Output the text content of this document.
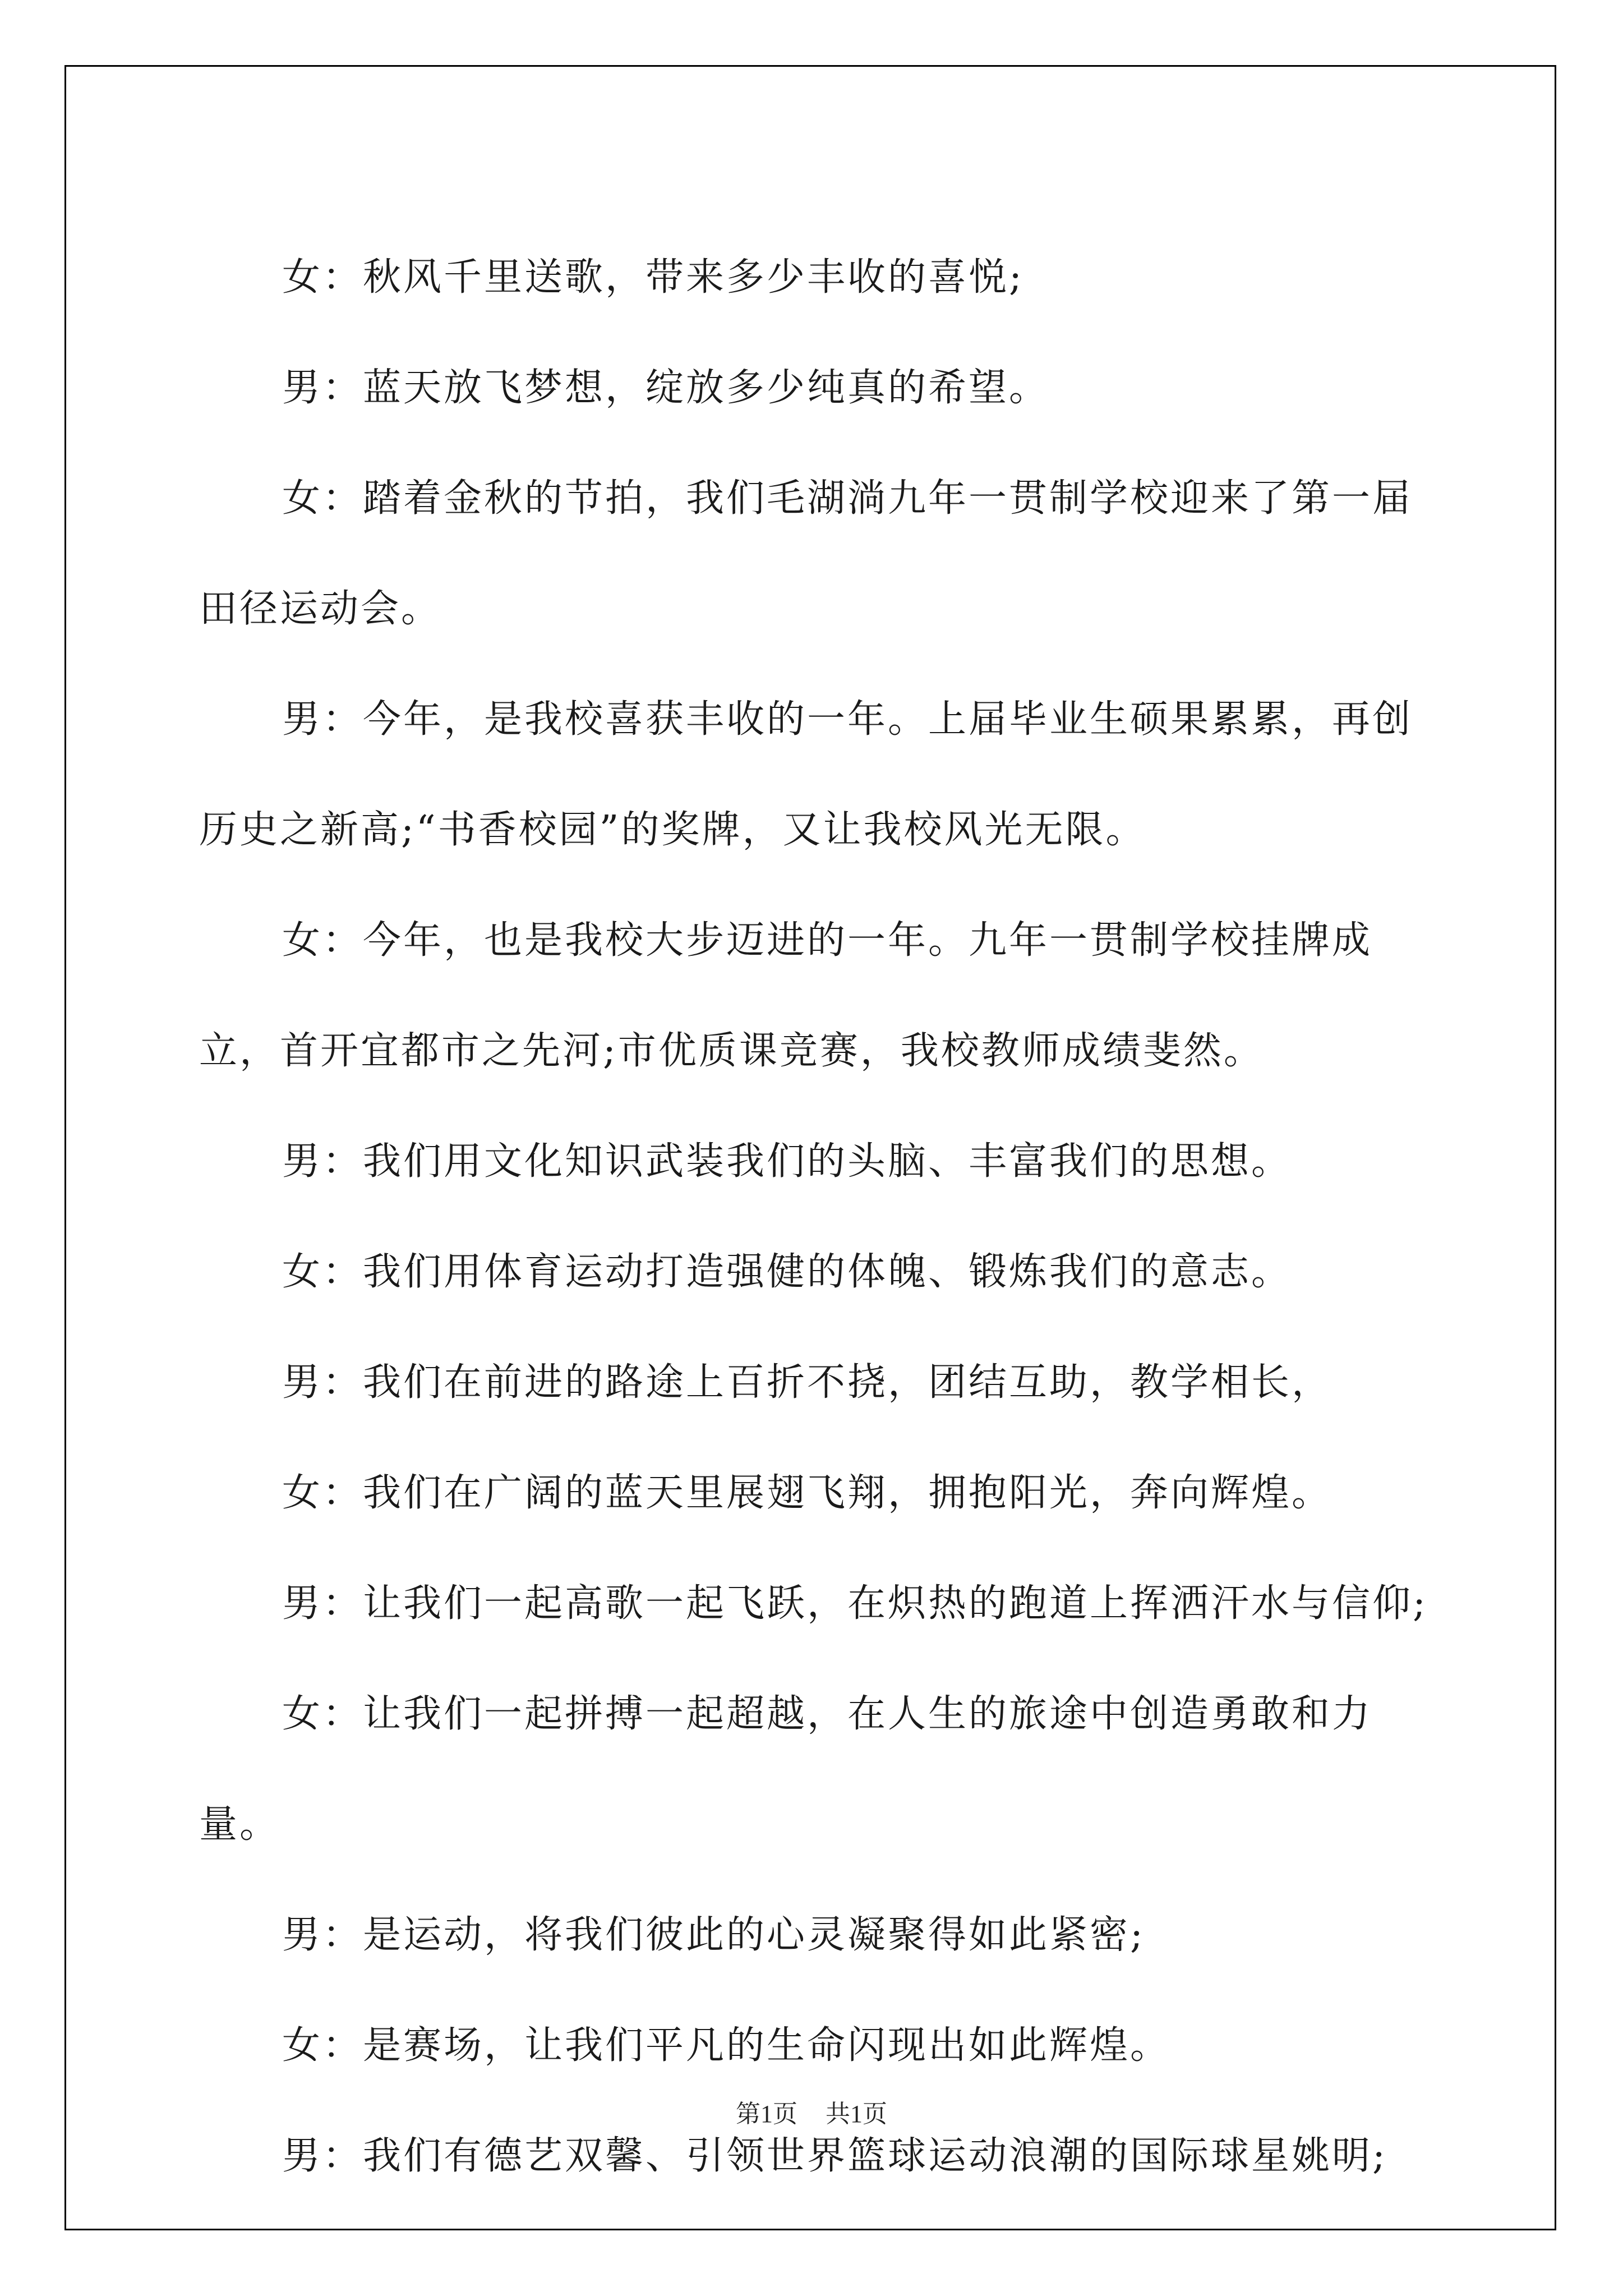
女：秋风千里送歌，带来多少丰收的喜悦;

男：蓝天放飞梦想，绽放多少纯真的希望。

女：踏着金秋的节拍，我们毛湖淌九年一贯制学校迎来了第一届田径运动会。

男：今年，是我校喜获丰收的一年。上届毕业生硕果累累，再创历史之新高;“书香校园”的奖牌，又让我校风光无限。

女：今年，也是我校大步迈进的一年。九年一贯制学校挂牌成立，首开宜都市之先河;市优质课竞赛，我校教师成绩斐然。

男：我们用文化知识武装我们的头脑、丰富我们的思想。

女：我们用体育运动打造强健的体魄、锻炼我们的意志。

男：我们在前进的路途上百折不挠，团结互助，教学相长，

女：我们在广阔的蓝天里展翅飞翔，拥抱阳光，奔向辉煌。

男：让我们一起高歌一起飞跃，在炽热的跑道上挥洒汗水与信仰;

女：让我们一起拼搏一起超越，在人生的旅途中创造勇敢和力量。

男：是运动，将我们彼此的心灵凝聚得如此紧密;

女：是赛场，让我们平凡的生命闪现出如此辉煌。

男：我们有德艺双馨、引领世界篮球运动浪潮的国际球星姚明;

第1页 共1页
